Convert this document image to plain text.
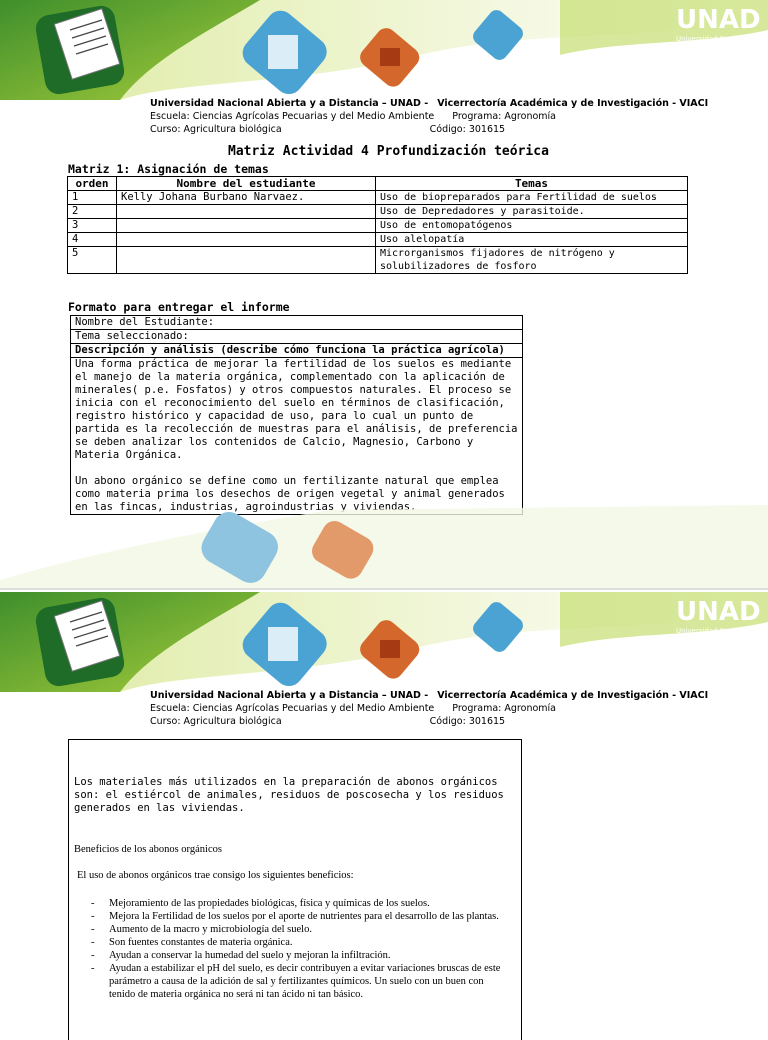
UNAD
Universidad Nacional
Abierta y a Distancia
Universidad Nacional Abierta y a Distancia – UNAD - Vicerrectoría Académica y de Investigación - VIACI
Escuela: Ciencias Agrícolas Pecuarias y del Medio Ambiente Programa: Agronomía
Curso: Agricultura biológica	Código: 301615
Matriz Actividad 4 Profundización teórica
Matriz 1: Asignación de temas
orden	Nombre del estudiante	Temas
1	Kelly Johana Burbano Narvaez.	Uso de biopreparados para Fertilidad de suelos
2		Uso de Depredadores y parasitoide.
3		Uso de entomopatógenos
4		Uso alelopatía
5		Microrganismos fijadores de nitrógeno y solubilizadores de fosforo
Formato para entregar el informe
Nombre del Estudiante:
Tema seleccionado:
Descripción y análisis (describe cómo funciona la práctica agrícola)

Una forma práctica de mejorar la fertilidad de los suelos es mediante el manejo de la materia orgánica, complementado con la aplicación de minerales( p.e. Fosfatos) y otros compuestos naturales. El proceso se inicia con el reconocimiento del suelo en términos de clasificación, registro histórico y capacidad de uso, para lo cual un punto de partida es la recolección de muestras para el análisis, de preferencia se deben analizar los contenidos de Calcio, Magnesio, Carbono y Materia Orgánica.
Un abono orgánico se define como un fertilizante natural que emplea como materia prima los desechos de origen vegetal y animal generados en las fincas, industrias, agroindustrias y viviendas.
UNAD
Universidad Nacional
Abierta y a Distancia
Universidad Nacional Abierta y a Distancia – UNAD - Vicerrectoría Académica y de Investigación - VIACI
Escuela: Ciencias Agrícolas Pecuarias y del Medio Ambiente Programa: Agronomía
Curso: Agricultura biológica	Código: 301615
Los materiales más utilizados en la preparación de abonos orgánicos son: el estiércol de animales, residuos de poscosecha y los residuos generados en las viviendas.
Beneficios de los abonos orgánicos
El uso de abonos orgánicos trae consigo los siguientes beneficios:
- Mejoramiento de las propiedades biológicas, física y químicas de los suelos.
- Mejora la Fertilidad de los suelos por el aporte de nutrientes para el desarrollo de las plantas.
- Aumento de la macro y microbiología del suelo.
- Son fuentes constantes de materia orgánica.
- Ayudan a conservar la humedad del suelo y mejoran la infiltración.
- Ayudan a estabilizar el pH del suelo, es decir contribuyen a evitar variaciones bruscas de este parámetro a causa de la adición de sal y fertilizantes químicos. Un suelo con un buen con tenido de materia orgánica no será ni tan ácido ni tan básico.
